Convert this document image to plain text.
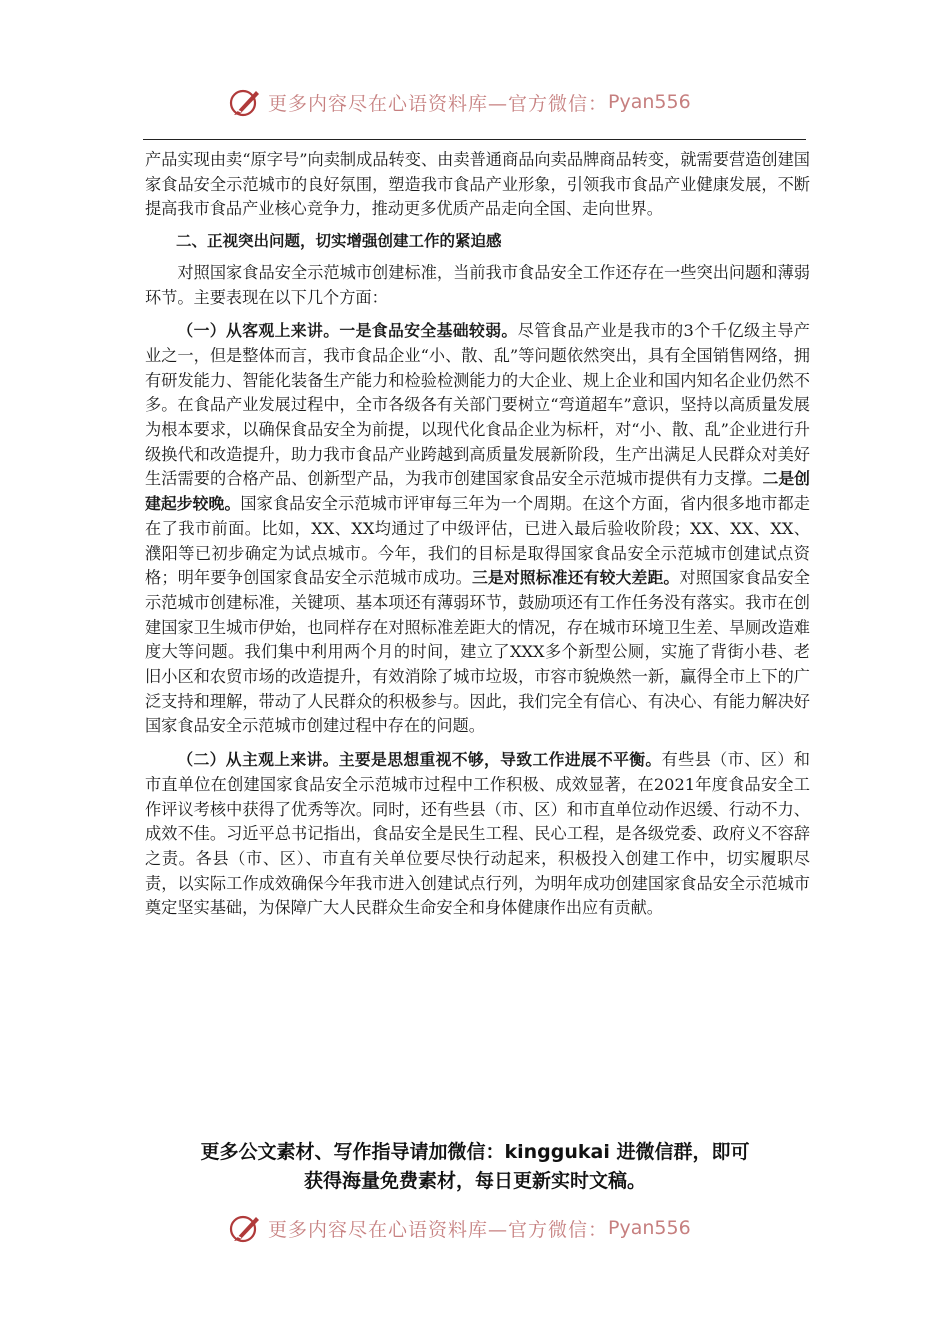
更多内容尽在心语资料库—官方微信： Pyan556

产品实现由卖“原字号”向卖制成品转变、由卖普通商品向卖品牌商品转变，就需要营造创建国家食品安全示范城市的良好氛围，塑造我市食品产业形象，引领我市食品产业健康发展，不断提高我市食品产业核心竞争力，推动更多优质产品走向全国、走向世界。

二、正视突出问题，切实增强创建工作的紧迫感

对照国家食品安全示范城市创建标准，当前我市食品安全工作还存在一些突出问题和薄弱环节。主要表现在以下几个方面：

（一）从客观上来讲。一是食品安全基础较弱。尽管食品产业是我市的3个千亿级主导产业之一，但是整体而言，我市食品企业“小、散、乱”等问题依然突出，具有全国销售网络，拥有研发能力、智能化装备生产能力和检验检测能力的大企业、规上企业和国内知名企业仍然不多。在食品产业发展过程中，全市各级各有关部门要树立“弯道超车”意识，坚持以高质量发展为根本要求，以确保食品安全为前提，以现代化食品企业为标杆，对“小、散、乱”企业进行升级换代和改造提升，助力我市食品产业跨越到高质量发展新阶段，生产出满足人民群众对美好生活需要的合格产品、创新型产品，为我市创建国家食品安全示范城市提供有力支撑。二是创建起步较晚。国家食品安全示范城市评审每三年为一个周期。在这个方面，省内很多地市都走在了我市前面。比如，XX、XX均通过了中级评估，已进入最后验收阶段；XX、XX、XX、濮阳等已初步确定为试点城市。今年，我们的目标是取得国家食品安全示范城市创建试点资格；明年要争创国家食品安全示范城市成功。三是对照标准还有较大差距。对照国家食品安全示范城市创建标准，关键项、基本项还有薄弱环节，鼓励项还有工作任务没有落实。我市在创建国家卫生城市伊始，也同样存在对照标准差距大的情况，存在城市环境卫生差、旱厕改造难度大等问题。我们集中利用两个月的时间，建立了XXX多个新型公厕，实施了背街小巷、老旧小区和农贸市场的改造提升，有效消除了城市垃圾，市容市貌焕然一新，赢得全市上下的广泛支持和理解，带动了人民群众的积极参与。因此，我们完全有信心、有决心、有能力解决好国家食品安全示范城市创建过程中存在的问题。

（二）从主观上来讲。主要是思想重视不够，导致工作进展不平衡。有些县（市、区）和市直单位在创建国家食品安全示范城市过程中工作积极、成效显著，在2021年度食品安全工作评议考核中获得了优秀等次。同时，还有些县（市、区）和市直单位动作迟缓、行动不力、成效不佳。习近平总书记指出，食品安全是民生工程、民心工程，是各级党委、政府义不容辞之责。各县（市、区）、市直有关单位要尽快行动起来，积极投入创建工作中，切实履职尽责，以实际工作成效确保今年我市进入创建试点行列，为明年成功创建国家食品安全示范城市奠定坚实基础，为保障广大人民群众生命安全和身体健康作出应有贡献。

更多公文素材、写作指导请加微信：kinggukai 进微信群，即可
获得海量免费素材，每日更新实时文稿。
更多内容尽在心语资料库—官方微信： Pyan556
